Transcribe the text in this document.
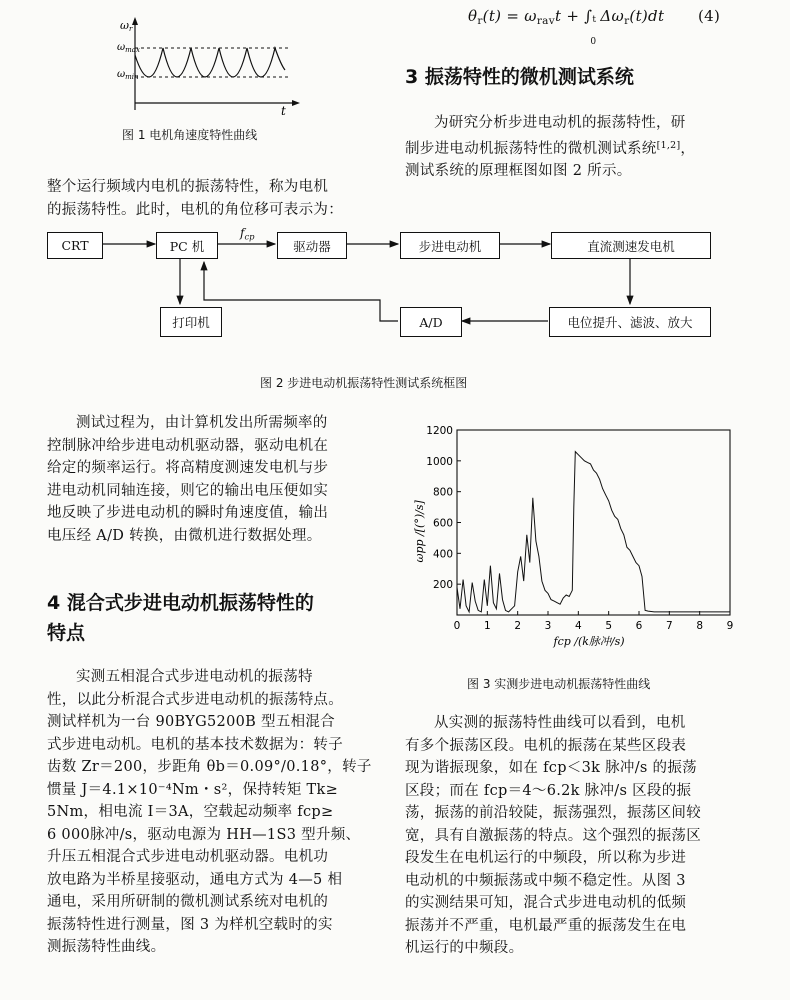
$\theta_r(t) = \omega_{rav}t$ + ∫ t
0
$\Delta\omega_r(t)dt$ (4)
$\omega_{max}$
$\omega_{min}$
ωr
t
图 1 电机角速度特性曲线
3 振荡特性的微机测试系统
为研究分析步进电动机的振荡特性，研
制步进电动机振荡特性的微机测试系统[1,2]，
测试系统的原理框图如图 2 所示。
整个运行频域内电机的振荡特性，称为电机
的振荡特性。此时，电机的角位移可表示为：
CRT	PC 机
$f_{cp}$
驱动器	步进电动机	直流测速发电机
打印机	A/D	电位提升、滤波、放大
图 2 步进电动机振荡特性测试系统框图
测试过程为，由计算机发出所需频率的
控制脉冲给步进电动机驱动器，驱动电机在
给定的频率运行。将高精度测速发电机与步
进电动机同轴连接，则它的输出电压便如实
地反映了步进电动机的瞬时角速度值，输出
电压经 A/D 转换，由微机进行数据处理。
4 混合式步进电动机振荡特性的
特点
实测五相混合式步进电动机的振荡特
性，以此分析混合式步进电动机的振荡特点。
测试样机为一台 90BYG5200B 型五相混合
式步进电动机。电机的基本技术数据为：转子
齿数 Zr＝200，步距角 θb＝0.09°/0.18°，转子
惯量 J＝4.1×10⁻⁴Nm・s²，保持转矩 Tk≥
5Nm，相电流 I＝3A，空载起动频率 fcp≥
6 000脉冲/s，驱动电源为 HH—1S3 型升频、
升压五相混合式步进电动机驱动器。电机功
放电路为半桥星接驱动，通电方式为 4—5 相
通电，采用所研制的微机测试系统对电机的
振荡特性进行测量，图 3 为样机空载时的实
测振荡特性曲线。
0 1 2 3 4 5 6 7 8 9
200
400
600
800
1000
1200
fcp /(k脉冲/s)
ωpp /[(°)/s]
图 3 实测步进电动机振荡特性曲线
从实测的振荡特性曲线可以看到，电机
有多个振荡区段。电机的振荡在某些区段表
现为谐振现象，如在 fcp＜3k 脉冲/s 的振荡
区段；而在 fcp＝4～6.2k 脉冲/s 区段的振
荡，振荡的前沿较陡，振荡强烈，振荡区间较
宽，具有自激振荡的特点。这个强烈的振荡区
段发生在电机运行的中频段，所以称为步进
电动机的中频振荡或中频不稳定性。从图 3
的实测结果可知，混合式步进电动机的低频
振荡并不严重，电机最严重的振荡发生在电
机运行的中频段。
